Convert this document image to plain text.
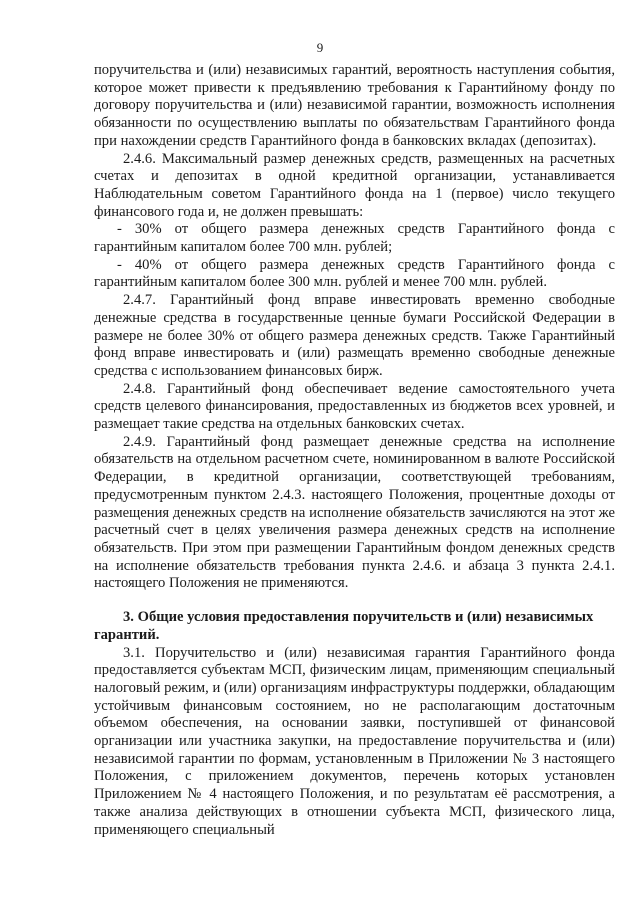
9

поручительства и (или) независимых гарантий, вероятность наступления события, которое может привести к предъявлению требования к Гарантийному фонду по договору поручительства и (или) независимой гарантии, возможность исполнения обязанности по осуществлению выплаты по обязательствам Гарантийного фонда при нахождении средств Гарантийного фонда в банковских вкладах (депозитах).

2.4.6. Максимальный размер денежных средств, размещенных на расчетных счетах и депозитах в одной кредитной организации, устанавливается Наблюдательным советом Гарантийного фонда на 1 (первое) число текущего финансового года и, не должен превышать:

- 30% от общего размера денежных средств Гарантийного фонда с гарантийным капиталом более 700 млн. рублей;

- 40% от общего размера денежных средств Гарантийного фонда с гарантийным капиталом более 300 млн. рублей и менее 700 млн. рублей.

2.4.7. Гарантийный фонд вправе инвестировать временно свободные денежные средства в государственные ценные бумаги Российской Федерации в размере не более 30% от общего размера денежных средств. Также Гарантийный фонд вправе инвестировать и (или) размещать временно свободные денежные средства с использованием финансовых бирж.

2.4.8. Гарантийный фонд обеспечивает ведение самостоятельного учета средств целевого финансирования, предоставленных из бюджетов всех уровней, и размещает такие средства на отдельных банковских счетах.

2.4.9. Гарантийный фонд размещает денежные средства на исполнение обязательств на отдельном расчетном счете, номинированном в валюте Российской Федерации, в кредитной организации, соответствующей требованиям, предусмотренным пунктом 2.4.3. настоящего Положения, процентные доходы от размещения денежных средств на исполнение обязательств зачисляются на этот же расчетный счет в целях увеличения размера денежных средств на исполнение обязательств. При этом при размещении Гарантийным фондом денежных средств на исполнение обязательств требования пункта 2.4.6. и абзаца 3 пункта 2.4.1. настоящего Положения не применяются.

3. Общие условия предоставления поручительств и (или) независимых гарантий.

3.1. Поручительство и (или) независимая гарантия Гарантийного фонда предоставляется субъектам МСП, физическим лицам, применяющим специальный налоговый режим, и (или) организациям инфраструктуры поддержки, обладающим устойчивым финансовым состоянием, но не располагающим достаточным объемом обеспечения, на основании заявки, поступившей от финансовой организации или участника закупки, на предоставление поручительства и (или) независимой гарантии по формам, установленным в Приложении № 3 настоящего Положения, с приложением документов, перечень которых установлен Приложением № 4 настоящего Положения, и по результатам её рассмотрения, а также анализа действующих в отношении субъекта МСП, физического лица, применяющего специальный
